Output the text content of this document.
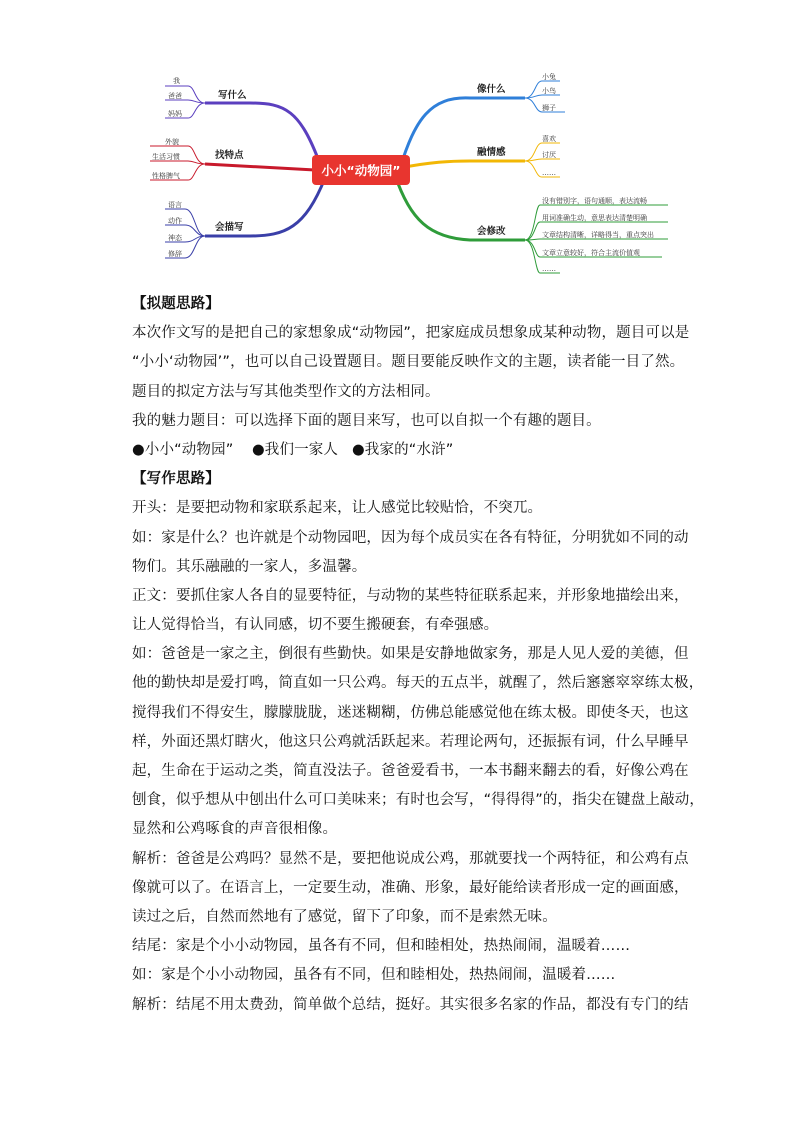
小小“动物园”
写什么
找特点
会描写
像什么
融情感
会修改
我
爸爸
妈妈
外貌
生活习惯
性格脾气
语言
动作
神态
修辞
小兔
小鸟
狮子
喜欢
讨厌
……
没有错别字，语句通顺，表达流畅
用词准确生动，意思表达清楚明确
文章结构清晰，详略得当，重点突出
文章立意较好，符合主流价值观
……
【拟题思路】
本次作文写的是把自己的家想象成“动物园”，把家庭成员想象成某种动物，题目可以是
“小小‘动物园’”，也可以自己设置题目。题目要能反映作文的主题，读者能一目了然。
题目的拟定方法与写其他类型作文的方法相同。
我的魅力题目：可以选择下面的题目来写，也可以自拟一个有趣的题目。
●小小“动物园” ●我们一家人 ●我家的“水浒”
【写作思路】
开头：是要把动物和家联系起来，让人感觉比较贴恰，不突兀。
如：家是什么？也许就是个动物园吧，因为每个成员实在各有特征，分明犹如不同的动
物们。其乐融融的一家人，多温馨。
正文：要抓住家人各自的显要特征，与动物的某些特征联系起来，并形象地描绘出来，
让人觉得恰当，有认同感，切不要生搬硬套，有牵强感。
如：爸爸是一家之主，倒很有些勤快。如果是安静地做家务，那是人见人爱的美德，但
他的勤快却是爱打鸣，简直如一只公鸡。每天的五点半，就醒了，然后窸窸窣窣练太极，
搅得我们不得安生，朦朦胧胧，迷迷糊糊，仿佛总能感觉他在练太极。即使冬天，也这
样，外面还黑灯瞎火，他这只公鸡就活跃起来。若理论两句，还振振有词，什么早睡早
起，生命在于运动之类，简直没法子。爸爸爱看书，一本书翻来翻去的看，好像公鸡在
刨食，似乎想从中刨出什么可口美味来；有时也会写，“得得得”的，指尖在键盘上敲动，
显然和公鸡啄食的声音很相像。
解析：爸爸是公鸡吗？显然不是，要把他说成公鸡，那就要找一个两特征，和公鸡有点
像就可以了。在语言上，一定要生动，准确、形象，最好能给读者形成一定的画面感，
读过之后，自然而然地有了感觉，留下了印象，而不是索然无味。
结尾：家是个小小动物园，虽各有不同，但和睦相处，热热闹闹，温暖着……
如：家是个小小动物园，虽各有不同，但和睦相处，热热闹闹，温暖着……
解析：结尾不用太费劲，简单做个总结，挺好。其实很多名家的作品，都没有专门的结
